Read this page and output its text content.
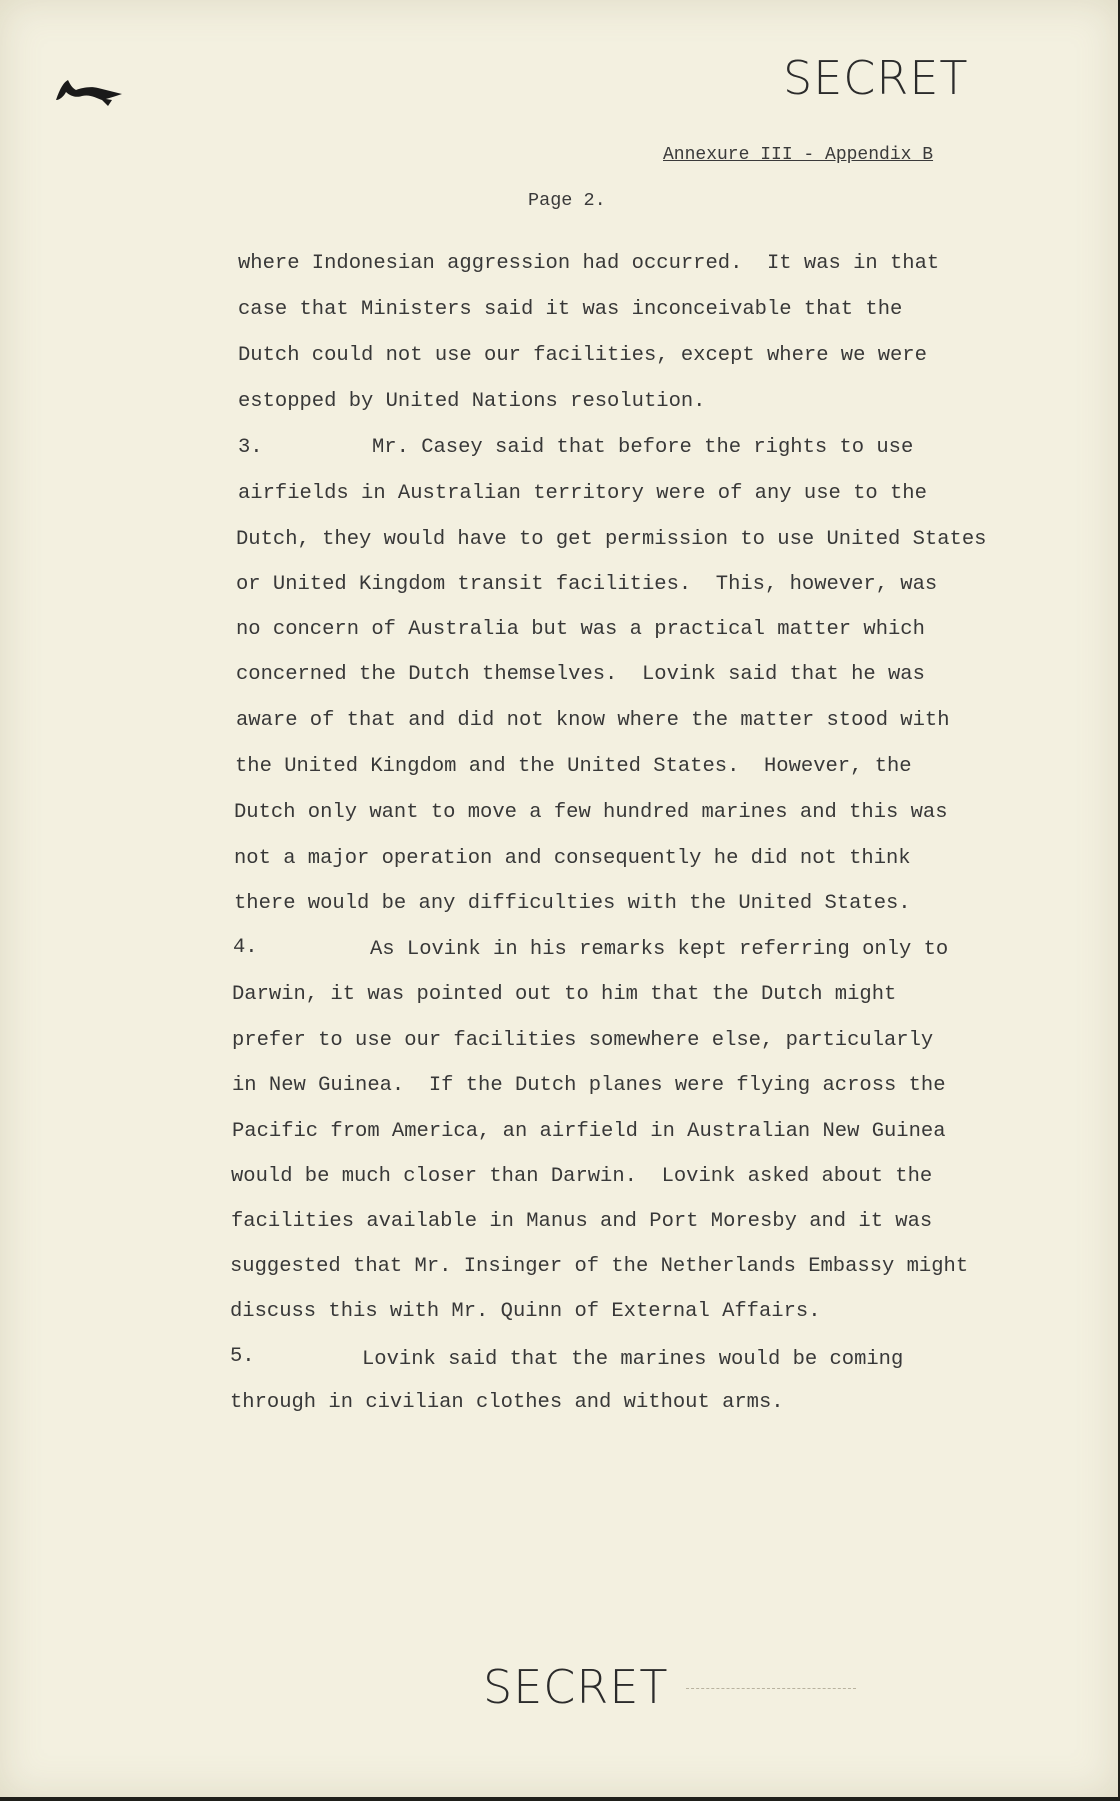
SECRET
Annexure III - Appendix B
Page 2.
where Indonesian aggression had occurred.  It was in that
case that Ministers said it was inconceivable that the
Dutch could not use our facilities, except where we were
estopped by United Nations resolution.
3.	Mr. Casey said that before the rights to use
airfields in Australian territory were of any use to the
Dutch, they would have to get permission to use United States
or United Kingdom transit facilities.  This, however, was
no concern of Australia but was a practical matter which
concerned the Dutch themselves.  Lovink said that he was
aware of that and did not know where the matter stood with
the United Kingdom and the United States.  However, the
Dutch only want to move a few hundred marines and this was
not a major operation and consequently he did not think
there would be any difficulties with the United States.
4.	As Lovink in his remarks kept referring only to
Darwin, it was pointed out to him that the Dutch might
prefer to use our facilities somewhere else, particularly
in New Guinea.  If the Dutch planes were flying across the
Pacific from America, an airfield in Australian New Guinea
would be much closer than Darwin.  Lovink asked about the
facilities available in Manus and Port Moresby and it was
suggested that Mr. Insinger of the Netherlands Embassy might
discuss this with Mr. Quinn of External Affairs.
5.	Lovink said that the marines would be coming
through in civilian clothes and without arms.
SECRET
